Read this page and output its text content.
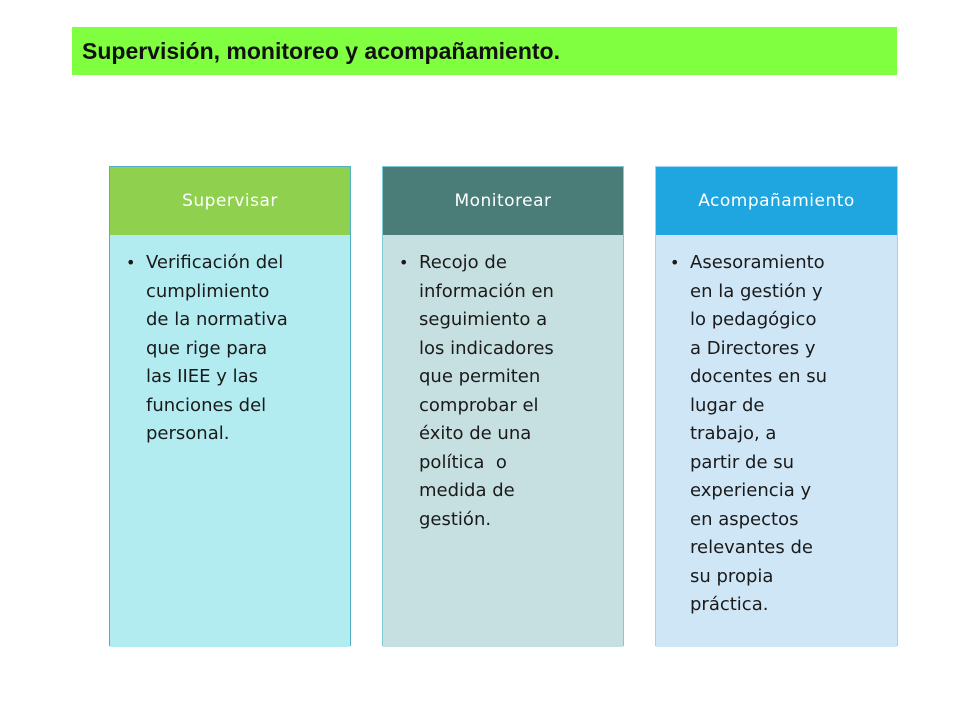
Supervisión, monitoreo y acompañamiento.
Supervisar
• Verificación del
cumplimiento
de la normativa
que rige para
las IIEE y las
funciones del
personal.
Monitorear
• Recojo de
información en
seguimiento a
los indicadores
que permiten
comprobar el
éxito de una
política  o
medida de
gestión.
Acompañamiento
• Asesoramiento
en la gestión y
lo pedagógico
a Directores y
docentes en su
lugar de
trabajo, a
partir de su
experiencia y
en aspectos
relevantes de
su propia
práctica.
